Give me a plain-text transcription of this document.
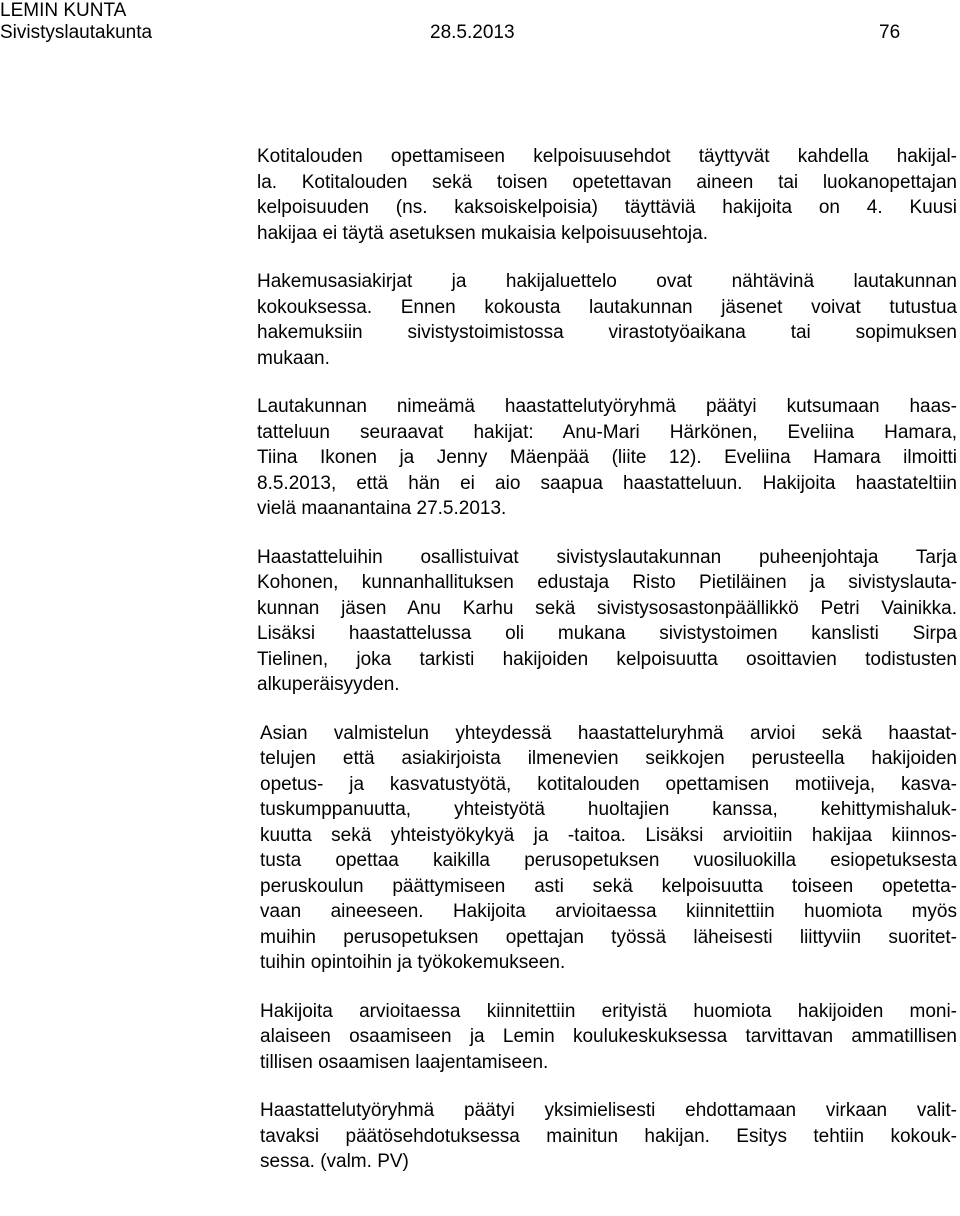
LEMIN KUNTA
Sivistyslautakunta	28.5.2013	76

Kotitalouden opettamiseen kelpoisuusehdot täyttyvät kahdella hakijal-
la. Kotitalouden sekä toisen opetettavan aineen tai luokanopettajan
kelpoisuuden (ns. kaksoiskelpoisia) täyttäviä hakijoita on 4. Kuusi
hakijaa ei täytä asetuksen mukaisia kelpoisuusehtoja.

Hakemusasiakirjat ja hakijaluettelo ovat nähtävinä lautakunnan
kokouksessa. Ennen kokousta lautakunnan jäsenet voivat tutustua
hakemuksiin sivistystoimistossa virastotyöaikana tai sopimuksen
mukaan.

Lautakunnan nimeämä haastattelutyöryhmä päätyi kutsumaan haas-
tatteluun seuraavat hakijat: Anu-Mari Härkönen, Eveliina Hamara,
Tiina Ikonen ja Jenny Mäenpää (liite 12). Eveliina Hamara ilmoitti
8.5.2013, että hän ei aio saapua haastatteluun. Hakijoita haastateltiin
vielä maanantaina 27.5.2013.

Haastatteluihin osallistuivat sivistyslautakunnan puheenjohtaja Tarja
Kohonen, kunnanhallituksen edustaja Risto Pietiläinen ja sivistyslauta-
kunnan jäsen Anu Karhu sekä sivistysosastonpäällikkö Petri Vainikka.
Lisäksi haastattelussa oli mukana sivistystoimen kanslisti Sirpa
Tielinen, joka tarkisti hakijoiden kelpoisuutta osoittavien todistusten
alkuperäisyyden.

Asian valmistelun yhteydessä haastatteluryhmä arvioi sekä haastat-
telujen että asiakirjoista ilmenevien seikkojen perusteella hakijoiden
opetus- ja kasvatustyötä, kotitalouden opettamisen motiiveja, kasva-
tuskumppanuutta, yhteistyötä huoltajien kanssa, kehittymishaluk-
kuutta sekä yhteistyökykyä ja -taitoa. Lisäksi arvioitiin hakijaa kiinnos-
tusta opettaa kaikilla perusopetuksen vuosiluokilla esiopetuksesta
peruskoulun päättymiseen asti sekä kelpoisuutta toiseen opetetta-
vaan aineeseen. Hakijoita arvioitaessa kiinnitettiin huomiota myös
muihin perusopetuksen opettajan työssä läheisesti liittyviin suoritet-
tuihin opintoihin ja työkokemukseen.

Hakijoita arvioitaessa kiinnitettiin erityistä huomiota hakijoiden moni-
alaiseen osaamiseen ja Lemin koulukeskuksessa tarvittavan ammatillisen
tillisen osaamisen laajentamiseen.

Haastattelutyöryhmä päätyi yksimielisesti ehdottamaan virkaan valit-
tavaksi päätösehdotuksessa mainitun hakijan. Esitys tehtiin kokouk-
sessa. (valm. PV)
